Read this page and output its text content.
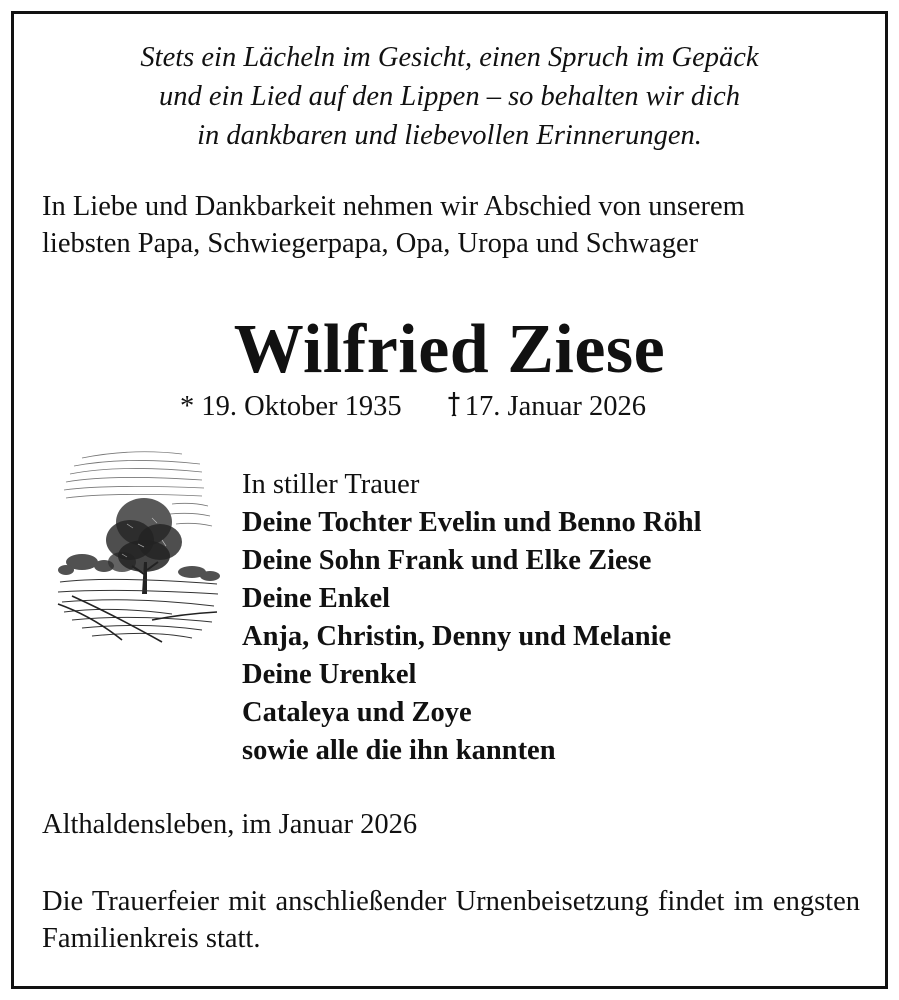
Stets ein Lächeln im Gesicht, einen Spruch im Gepäck
und ein Lied auf den Lippen – so behalten wir dich
in dankbaren und liebevollen Erinnerungen.
In Liebe und Dankbarkeit nehmen wir Abschied von unserem
liebsten Papa, Schwiegerpapa, Opa, Uropa und Schwager
Wilfried Ziese
* 19. Oktober 1935 17. Januar 2026
In stiller Trauer
Deine Tochter Evelin und Benno Röhl
Deine Sohn Frank und Elke Ziese
Deine Enkel
Anja, Christin, Denny und Melanie
Deine Urenkel
Cataleya und Zoye
sowie alle die ihn kannten
Althaldensleben, im Januar 2026
Die Trauerfeier mit anschließender Urnenbeisetzung findet im engsten Familienkreis statt.
